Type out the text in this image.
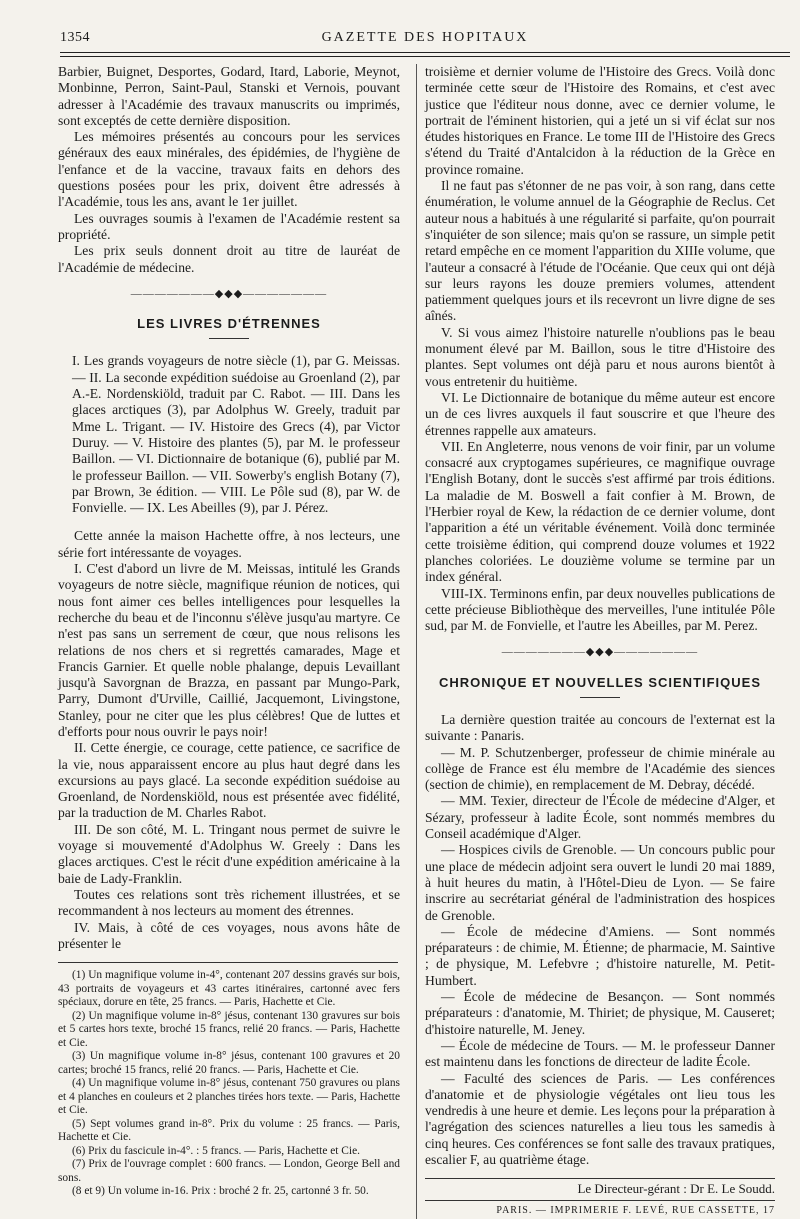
1354	GAZETTE DES HOPITAUX

Barbier, Buignet, Desportes, Godard, Itard, Laborie, Meynot, Monbinne, Perron, Saint-Paul, Stanski et Vernois, pouvant adresser à l'Académie des travaux manuscrits ou imprimés, sont exceptés de cette dernière disposition.

Les mémoires présentés au concours pour les services généraux des eaux minérales, des épidémies, de l'hygiène de l'enfance et de la vaccine, travaux faits en dehors des questions posées pour les prix, doivent être adressés à l'Académie, tous les ans, avant le 1er juillet.

Les ouvrages soumis à l'examen de l'Académie restent sa propriété.

Les prix seuls donnent droit au titre de lauréat de l'Académie de médecine.

———————◆◆◆———————
LES LIVRES D'ÉTRENNES

I. Les grands voyageurs de notre siècle (1), par G. Meissas. — II. La seconde expédition suédoise au Groenland (2), par A.-E. Nordenskiöld, traduit par C. Rabot. — III. Dans les glaces arctiques (3), par Adolphus W. Greely, traduit par Mme L. Trigant. — IV. Histoire des Grecs (4), par Victor Duruy. — V. Histoire des plantes (5), par M. le professeur Baillon. — VI. Dictionnaire de botanique (6), publié par M. le professeur Baillon. — VII. Sowerby's english Botany (7), par Brown, 3e édition. — VIII. Le Pôle sud (8), par W. de Fonvielle. — IX. Les Abeilles (9), par J. Pérez.

Cette année la maison Hachette offre, à nos lecteurs, une série fort intéressante de voyages.

I. C'est d'abord un livre de M. Meissas, intitulé les Grands voyageurs de notre siècle, magnifique réunion de notices, qui nous font aimer ces belles intelligences pour lesquelles la recherche du beau et de l'inconnu s'élève jusqu'au martyre. Ce n'est pas sans un serrement de cœur, que nous relisons les relations de nos chers et si regrettés camarades, Mage et Francis Garnier. Et quelle noble phalange, depuis Levaillant jusqu'à Savorgnan de Brazza, en passant par Mungo-Park, Parry, Dumont d'Urville, Caillié, Jacquemont, Livingstone, Stanley, pour ne citer que les plus célèbres! Que de luttes et d'efforts pour nous ouvrir le pays noir!

II. Cette énergie, ce courage, cette patience, ce sacrifice de la vie, nous apparaissent encore au plus haut degré dans les excursions au pays glacé. La seconde expédition suédoise au Groenland, de Nordenskiöld, nous est présentée avec fidélité, par la traduction de M. Charles Rabot.

III. De son côté, M. L. Tringant nous permet de suivre le voyage si mouvementé d'Adolphus W. Greely : Dans les glaces arctiques. C'est le récit d'une expédition américaine à la baie de Lady-Franklin.

Toutes ces relations sont très richement illustrées, et se recommandent à nos lecteurs au moment des étrennes.

IV. Mais, à côté de ces voyages, nous avons hâte de présenter le

(1) Un magnifique volume in-4°, contenant 207 dessins gravés sur bois, 43 portraits de voyageurs et 43 cartes itinéraires, cartonné avec fers spéciaux, dorure en tête, 25 francs. — Paris, Hachette et Cie.

(2) Un magnifique volume in-8° jésus, contenant 130 gravures sur bois et 5 cartes hors texte, broché 15 francs, relié 20 francs. — Paris, Hachette et Cie.

(3) Un magnifique volume in-8° jésus, contenant 100 gravures et 20 cartes; broché 15 francs, relié 20 francs. — Paris, Hachette et Cie.

(4) Un magnifique volume in-8° jésus, contenant 750 gravures ou plans et 4 planches en couleurs et 2 planches tirées hors texte. — Paris, Hachette et Cie.

(5) Sept volumes grand in-8°. Prix du volume : 25 francs. — Paris, Hachette et Cie.

(6) Prix du fascicule in-4°. : 5 francs. — Paris, Hachette et Cie.

(7) Prix de l'ouvrage complet : 600 francs. — London, George Bell and sons.

(8 et 9) Un volume in-16. Prix : broché 2 fr. 25, cartonné 3 fr. 50.

troisième et dernier volume de l'Histoire des Grecs. Voilà donc terminée cette sœur de l'Histoire des Romains, et c'est avec justice que l'éditeur nous donne, avec ce dernier volume, le portrait de l'éminent historien, qui a jeté un si vif éclat sur nos études historiques en France. Le tome III de l'Histoire des Grecs s'étend du Traité d'Antalcidon à la réduction de la Grèce en province romaine.

Il ne faut pas s'étonner de ne pas voir, à son rang, dans cette énumération, le volume annuel de la Géographie de Reclus. Cet auteur nous a habitués à une régularité si parfaite, qu'on pourrait s'inquiéter de son silence; mais qu'on se rassure, un simple petit retard empêche en ce moment l'apparition du XIIIe volume, que l'auteur a consacré à l'étude de l'Océanie. Que ceux qui ont déjà sur leurs rayons les douze premiers volumes, attendent patiemment quelques jours et ils recevront un livre digne de ses aînés.

V. Si vous aimez l'histoire naturelle n'oublions pas le beau monument élevé par M. Baillon, sous le titre d'Histoire des plantes. Sept volumes ont déjà paru et nous aurons bientôt à vous entretenir du huitième.

VI. Le Dictionnaire de botanique du même auteur est encore un de ces livres auxquels il faut souscrire et que l'heure des étrennes rappelle aux amateurs.

VII. En Angleterre, nous venons de voir finir, par un volume consacré aux cryptogames supérieures, ce magnifique ouvrage l'English Botany, dont le succès s'est affirmé par trois éditions. La maladie de M. Boswell a fait confier à M. Brown, de l'Herbier royal de Kew, la rédaction de ce dernier volume, dont l'apparition a été un véritable événement. Voilà donc terminée cette troisième édition, qui comprend douze volumes et 1922 planches coloriées. Le douzième volume se termine par un index général.

VIII-IX. Terminons enfin, par deux nouvelles publications de cette précieuse Bibliothèque des merveilles, l'une intitulée Pôle sud, par M. de Fonvielle, et l'autre les Abeilles, par M. Perez.

———————◆◆◆———————
CHRONIQUE ET NOUVELLES SCIENTIFIQUES

La dernière question traitée au concours de l'externat est la suivante : Panaris.

— M. P. Schutzenberger, professeur de chimie minérale au collège de France est élu membre de l'Académie des siences (section de chimie), en remplacement de M. Debray, décédé.

— MM. Texier, directeur de l'École de médecine d'Alger, et Sézary, professeur à ladite École, sont nommés membres du Conseil académique d'Alger.

— Hospices civils de Grenoble. — Un concours public pour une place de médecin adjoint sera ouvert le lundi 20 mai 1889, à huit heures du matin, à l'Hôtel-Dieu de Lyon. — Se faire inscrire au secrétariat général de l'administration des hospices de Grenoble.

— École de médecine d'Amiens. — Sont nommés préparateurs : de chimie, M. Étienne; de pharmacie, M. Saintive ; de physique, M. Lefebvre ; d'histoire naturelle, M. Petit-Humbert.

— École de médecine de Besançon. — Sont nommés préparateurs : d'anatomie, M. Thiriet; de physique, M. Causeret; d'histoire naturelle, M. Jeney.

— École de médecine de Tours. — M. le professeur Danner est maintenu dans les fonctions de directeur de ladite École.

— Faculté des sciences de Paris. — Les conférences d'anatomie et de physiologie végétales ont lieu tous les vendredis à une heure et demie. Les leçons pour la préparation à l'agrégation des sciences naturelles a lieu tous les samedis à cinq heures. Ces conférences se font salle des travaux pratiques, escalier F, au quatrième étage.

Le Directeur-gérant : Dr E. Le Soudd.
PARIS. — IMPRIMERIE F. LEVÉ, RUE CASSETTE, 17
